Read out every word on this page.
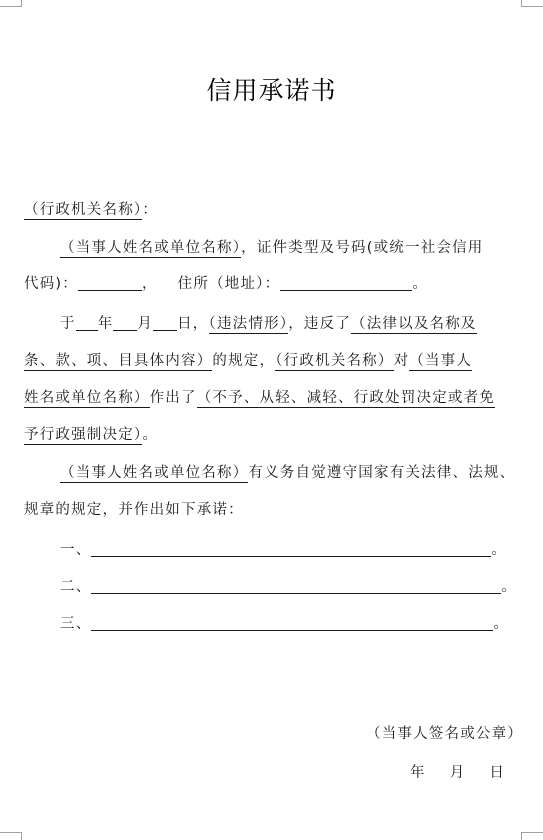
信用承诺书
（行政机关名称）：
（当事人姓名或单位名称），证件类型及号码(或统一社会信用
代码)：	， 住所（地址）：	。
于 年 月 日，（违法情形），违反了（法律以及名称及
条、款、项、目具体内容）的规定，（行政机关名称）对（当事人
姓名或单位名称）作出了（不予、从轻、减轻、行政处罚决定或者免
予行政强制决定）。
（当事人姓名或单位名称）有义务自觉遵守国家有关法律、法规、
规章的规定，并作出如下承诺：
一、	。
二、	。
三、	。
（当事人签名或公章）
年 月 日
